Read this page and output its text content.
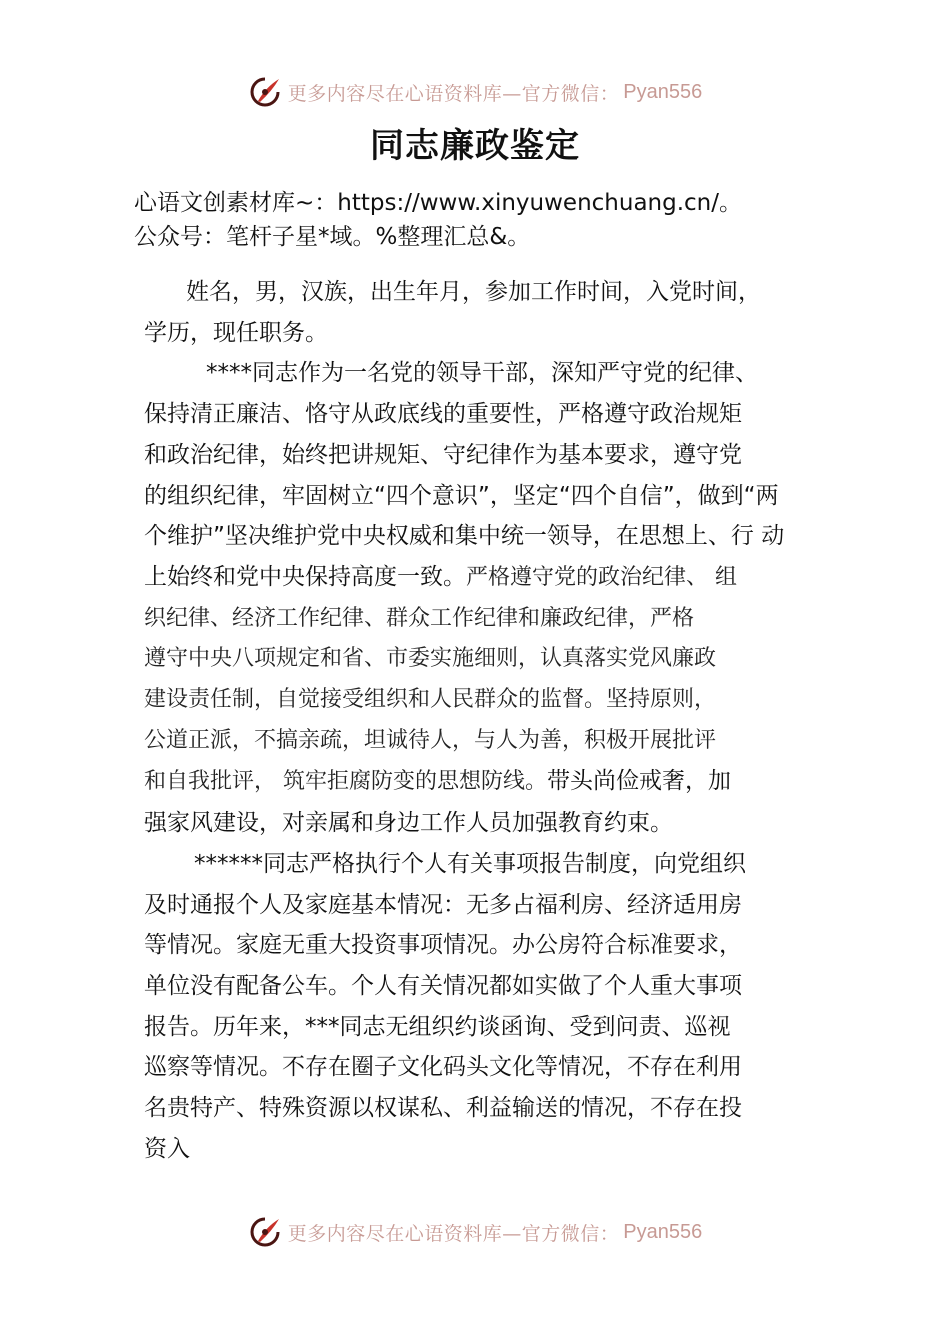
更多内容尽在心语资料库—官方微信： Pyan556
同志廉政鉴定
心语文创素材库~：https://www.xinyuwenchuang.cn/。
公众号：笔杆子星*域。%整理汇总&。
姓名，男，汉族，出生年月，参加工作时间，入党时间，
学历，现任职务。
****同志作为一名党的领导干部，深知严守党的纪律、
保持清正廉洁、恪守从政底线的重要性，严格遵守政治规矩
和政治纪律，始终把讲规矩、守纪律作为基本要求，遵守党
的组织纪律，牢固树立“四个意识”，坚定“四个自信”，做到“两
个维护”坚决维护党中央权威和集中统一领导，在思想上、行 动
上始终和党中央保持高度一致。严格遵守党的政治纪律、 组
织纪律、经济工作纪律、群众工作纪律和廉政纪律，严格
遵守中央八项规定和省、市委实施细则，认真落实党风廉政
建设责任制，自觉接受组织和人民群众的监督。坚持原则，
公道正派，不搞亲疏，坦诚待人，与人为善，积极开展批评
和自我批评， 筑牢拒腐防变的思想防线。带头尚俭戒奢，加
强家风建设，对亲属和身边工作人员加强教育约束。
******同志严格执行个人有关事项报告制度，向党组织
及时通报个人及家庭基本情况：无多占福利房、经济适用房
等情况。家庭无重大投资事项情况。办公房符合标准要求，
单位没有配备公车。个人有关情况都如实做了个人重大事项
报告。历年来，***同志无组织约谈函询、受到问责、巡视
巡察等情况。不存在圈子文化码头文化等情况，不存在利用
名贵特产、特殊资源以权谋私、利益输送的情况，不存在投
资入
更多内容尽在心语资料库—官方微信： Pyan556
